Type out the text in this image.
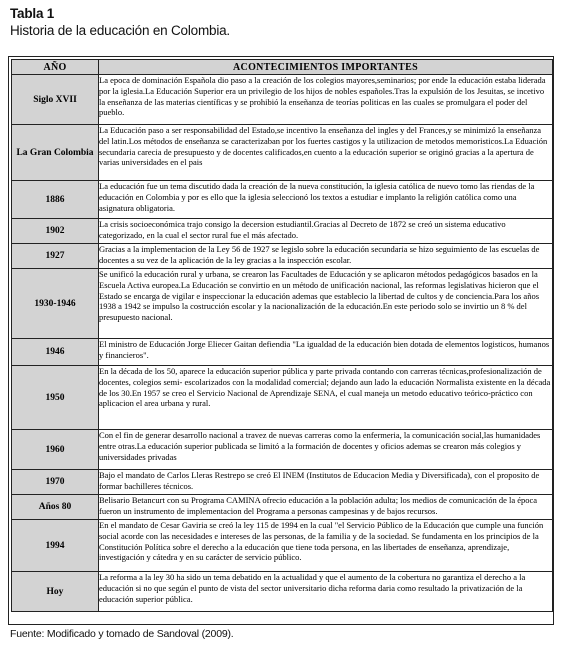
Tabla 1
Historia de la educación en Colombia.
AÑO	ACONTECIMIENTOS IMPORTANTES
Siglo XVII	La epoca de dominación Española dio paso a la creación de los colegios mayores,seminarios; por ende la educación estaba liderada por la iglesia.La Educación Superior era un privilegio de los hijos de nobles españoles.Tras la expulsión de los Jesuitas, se incetivo la enseñanza de las materias científicas y se prohibió la enseñanza de teorías politicas en las cuales se promulgara el poder del pueblo.
La Gran Colombia	La Educación paso a ser responsabilidad del Estado,se incentivo la enseñanza del ingles y del Frances,y se minimizó la enseñanza del latin.Los métodos de enseñanza se caracterizaban por los fuertes castigos y la utilizacion de metodos memoristicos.La Eduación secundaria carecia de presupuesto y de docentes calificados,en cuento a la educación superior se originó gracias a la apertura de varias universidades en el pais
1886	La educación fue un tema discutido dada la creación de la nueva constitución, la iglesia católica de nuevo tomo las riendas de la educación en Colombia y por es ello que la iglesia seleccionó los textos a estudiar e implanto la religión católica como una asignatura obligatoria.
1902	La crisis socioeconómica trajo consigo la decersion estudiantil.Gracias al Decreto de 1872 se creó un sistema educativo categorizado, en la cual el sector rural fue el más afectado.
1927	Gracias a la implementacion de la Ley 56 de 1927 se legislo sobre la educación secundaria se hizo seguimiento de las escuelas de docentes a su vez de la aplicación de la ley gracias a la inspección escolar.
1930-1946	Se unificó la educación rural y urbana, se crearon las Facultades de Educación y se aplicaron métodos pedagógicos basados en la Escuela Activa europea.La Educación se convirtio en un método de unificación nacional, las reformas legislativas hicieron que el Estado se encarga de vigilar e inspeccionar la educación ademas que establecio la libertad de cultos y de conciencia.Para los años 1938 a 1942 se impulso la costrucción escolar y la nacionalización de la educación.En este periodo solo se invirtio un 8 % del presupuesto nacional.
1946	El ministro de Educación Jorge Eliecer Gaitan defiendia "La igualdad de la educación bien dotada de elementos logisticos, humanos y financieros".
1950	En la década de los 50, aparece la educación superior pública y parte privada contando con carreras técnicas,profesionalización de docentes, colegios semi- escolarizados con la modalidad comercial; dejando aun lado la educación Normalista existente en la década de los 30.En 1957 se creo el Servicio Nacional de Aprendizaje SENA, el cual maneja un metodo educativo teórico-práctico con aplicacion el area urbana y rural.
1960	Con el fin de generar desarrollo nacional a travez de nuevas carreras como la enfermeria, la comunicación social,las humanidades entre otras.La educación superior publicada se limitó a la formación de docentes y oficios ademas se crearon más colegios y universidades privadas
1970	Bajo el mandato de Carlos Lleras Restrepo se creó El INEM (Institutos de Educacion Media y Diversificada), con el proposito de formar bachilleres técnicos.
Años 80	Belisario Betancurt con su Programa CAMINA ofrecio educación a la población adulta; los medios de comunicación de la época fueron un instrumento de implementacion del Programa a personas campesinas y de bajos recursos.
1994	En el mandato de Cesar Gaviria se creó la ley 115 de 1994 en la cual "el Servicio Público de la Educación que cumple una función social acorde con las necesidades e intereses de las personas, de la familia y de la sociedad. Se fundamenta en los principios de la Constitución Política sobre el derecho a la educación que tiene toda persona, en las libertades de enseñanza, aprendizaje, investigación y cátedra y en su carácter de servicio público.
Hoy	La reforma a la ley 30 ha sido un tema debatido en la actualidad y que el aumento de la cobertura no garantiza el derecho a la educación si no que según el punto de vista del sector universitario dicha reforma daria como resultado la privatización de la educación superior pública.
Fuente: Modificado y tomado de Sandoval (2009).
